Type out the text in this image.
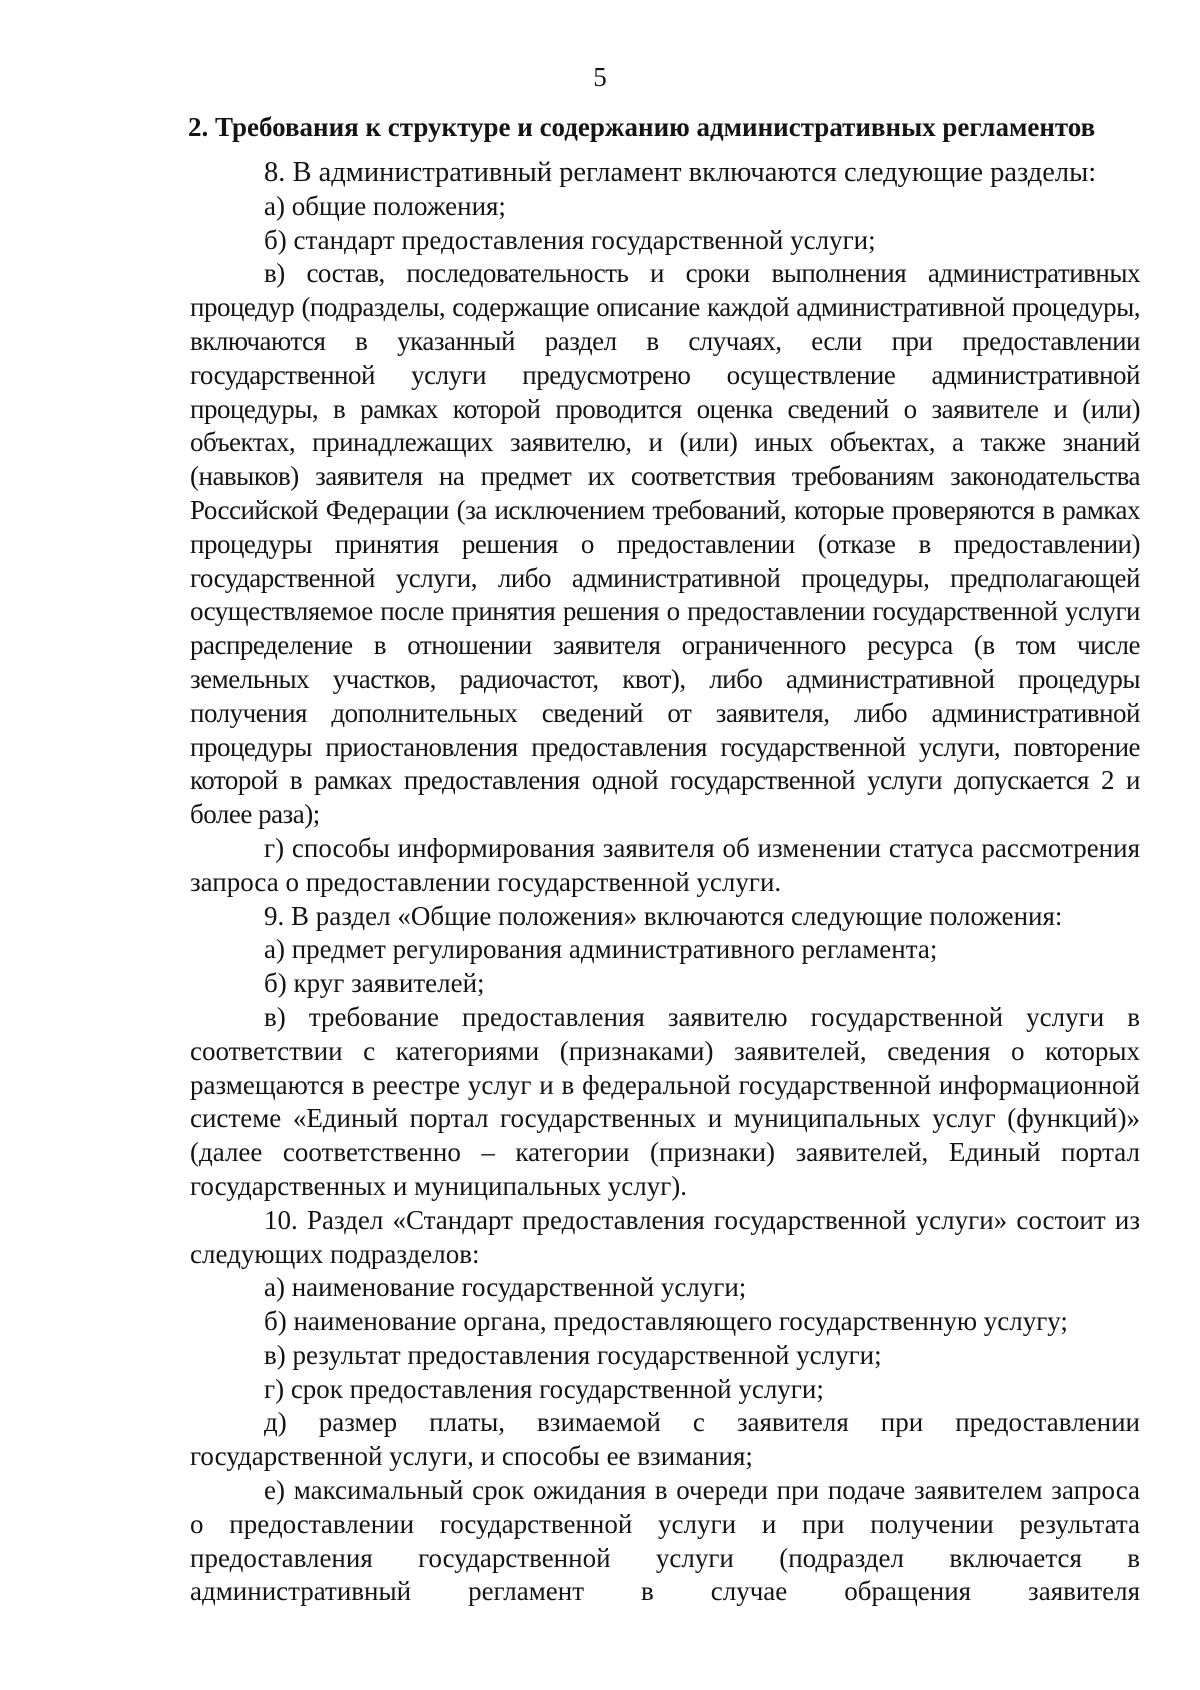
5
2. Требования к структуре и содержанию административных регламентов

8. В административный регламент включаются следующие разделы:

а) общие положения;

б) стандарт предоставления государственной услуги;

в) состав, последовательность и сроки выполнения административных процедур (подразделы, содержащие описание каждой административной процедуры, включаются в указанный раздел в случаях, если при предоставлении государственной услуги предусмотрено осуществление административной процедуры, в рамках которой проводится оценка сведений о заявителе и (или) объектах, принадлежащих заявителю, и (или) иных объектах, а также знаний (навыков) заявителя на предмет их соответствия требованиям законодательства Российской Федерации (за исключением требований, которые проверяются в рамках процедуры принятия решения о предоставлении (отказе в предоставлении) государственной услуги, либо административной процедуры, предполагающей осуществляемое после принятия решения о предоставлении государственной услуги распределение в отношении заявителя ограниченного ресурса (в том числе земельных участков, радиочастот, квот), либо административной процедуры получения дополнительных сведений от заявителя, либо административной процедуры приостановления предоставления государственной услуги, повторение которой в рамках предоставления одной государственной услуги допускается 2 и более раза);

г) способы информирования заявителя об изменении статуса рассмотрения запроса о предоставлении государственной услуги.

9. В раздел «Общие положения» включаются следующие положения:

а) предмет регулирования административного регламента;

б) круг заявителей;

в) требование предоставления заявителю государственной услуги в соответствии с категориями (признаками) заявителей, сведения о которых размещаются в реестре услуг и в федеральной государственной информационной системе «Единый портал государственных и муниципальных услуг (функций)» (далее соответственно – категории (признаки) заявителей, Единый портал государственных и муниципальных услуг).

10. Раздел «Стандарт предоставления государственной услуги» состоит из следующих подразделов:

а) наименование государственной услуги;

б) наименование органа, предоставляющего государственную услугу;

в) результат предоставления государственной услуги;

г) срок предоставления государственной услуги;

д) размер платы, взимаемой с заявителя при предоставлении государственной услуги, и способы ее взимания;

е) максимальный срок ожидания в очереди при подаче заявителем запроса о предоставлении государственной услуги и при получении результата предоставления государственной услуги (подраздел включается в административный регламент в случае обращения заявителя
